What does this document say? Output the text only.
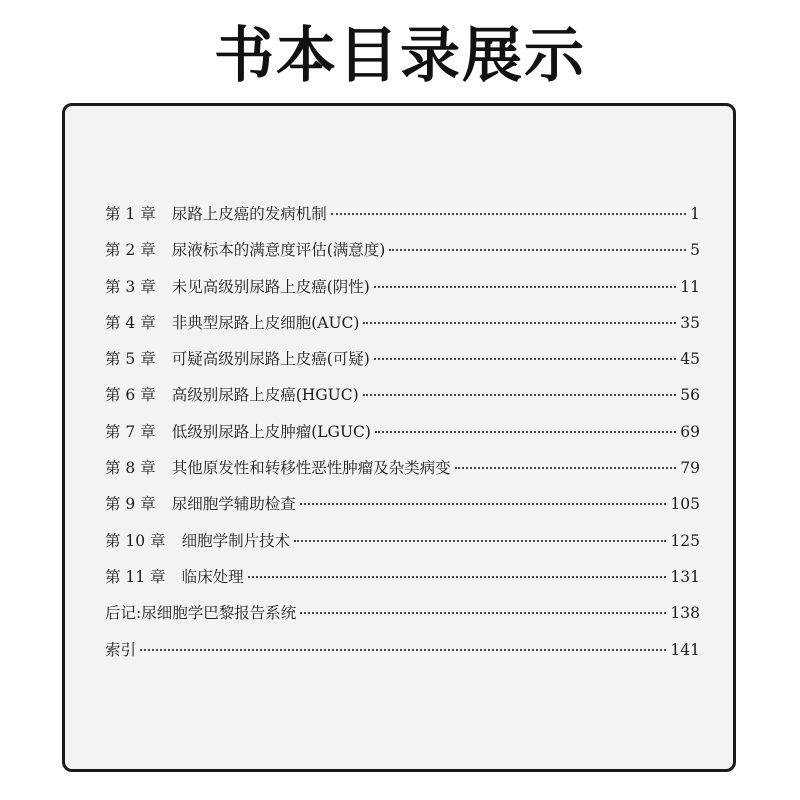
书本目录展示
第 1 章 尿路上皮癌的发病机制	1
第 2 章 尿液标本的满意度评估(满意度)	5
第 3 章 未见高级别尿路上皮癌(阴性)	11
第 4 章 非典型尿路上皮细胞(AUC)	35
第 5 章 可疑高级别尿路上皮癌(可疑)	45
第 6 章 高级别尿路上皮癌(HGUC)	56
第 7 章 低级别尿路上皮肿瘤(LGUC)	69
第 8 章 其他原发性和转移性恶性肿瘤及杂类病变	79
第 9 章 尿细胞学辅助检查	105
第 10 章 细胞学制片技术	125
第 11 章 临床处理	131
后记:尿细胞学巴黎报告系统	138
索引	141
